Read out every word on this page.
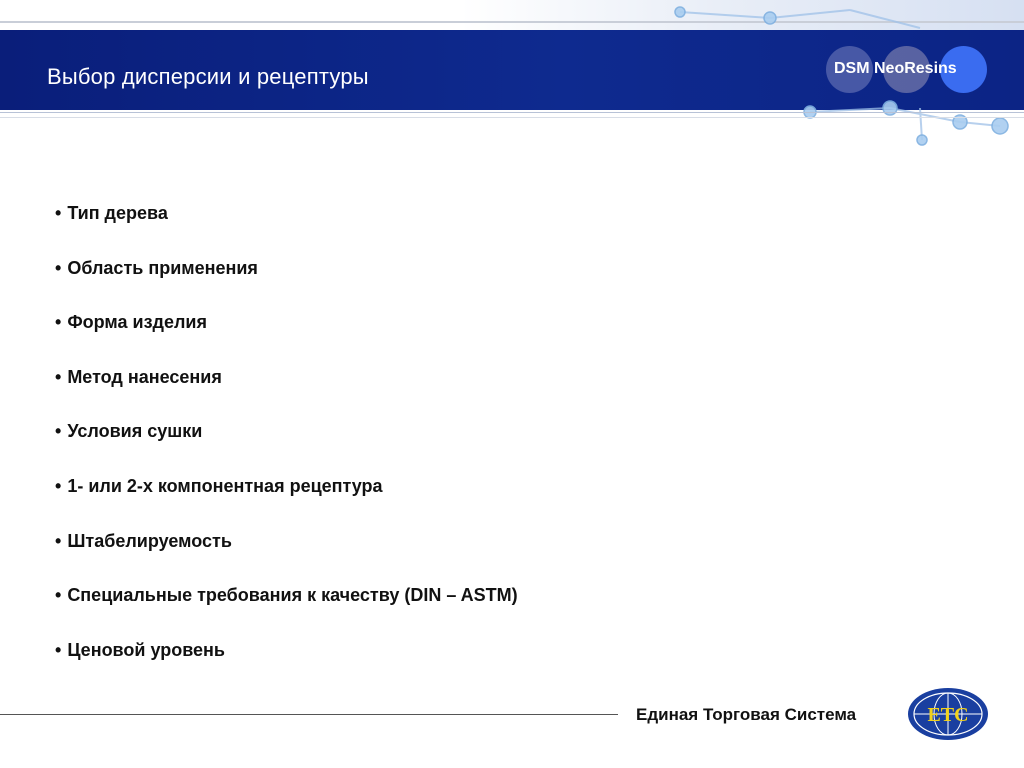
Выбор дисперсии и рецептуры	DSM NeoResins
• Тип дерева
• Область применения
• Форма изделия
• Метод нанесения
• Условия сушки
• 1- или 2-х компонентная рецептура
• Штабелируемость
• Специальные требования к качеству (DIN – ASTM)
• Ценовой уровень
Единая Торговая Система	ЕТС
